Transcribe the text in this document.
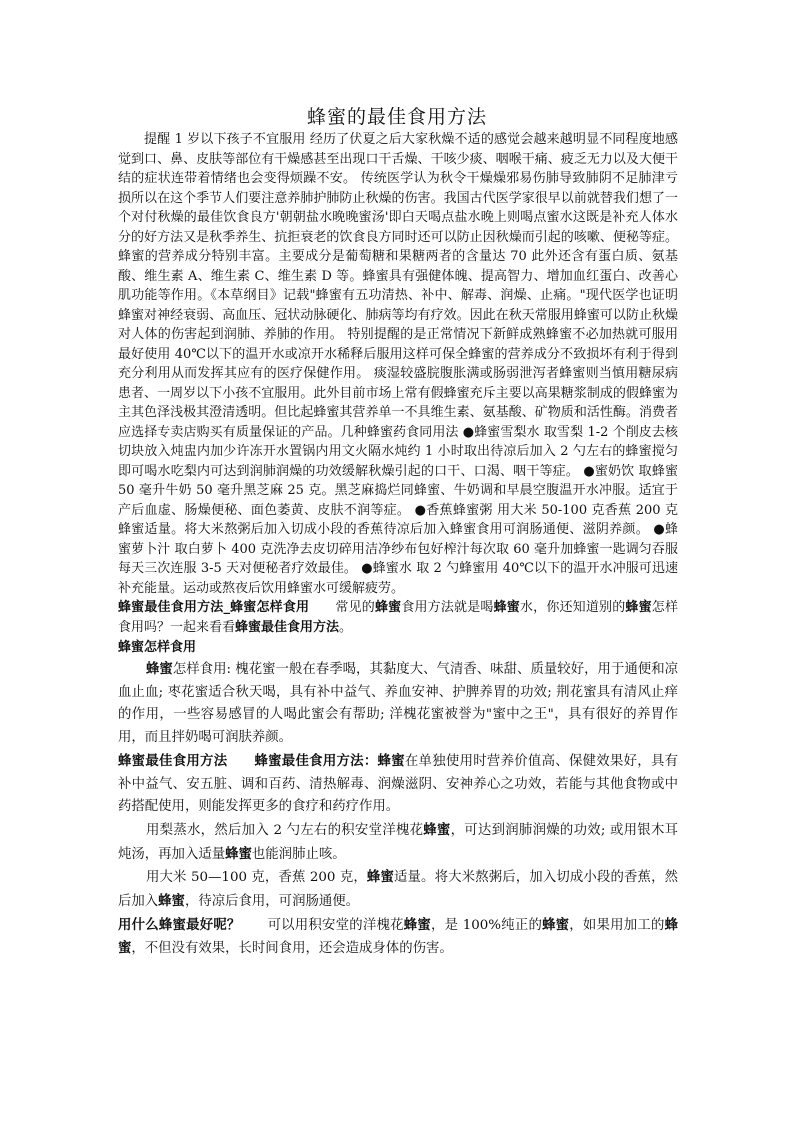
蜂蜜的最佳食用方法

提醒 1 岁以下孩子不宜服用 经历了伏夏之后大家秋燥不适的感觉会越来越明显不同程度地感觉到口、鼻、皮肤等部位有干燥感甚至出现口干舌燥、干咳少痰、咽喉干痛、疲乏无力以及大便干结的症状连带着情绪也会变得烦躁不安。 传统医学认为秋令干燥燥邪易伤肺导致肺阴不足肺津亏损所以在这个季节人们要注意养肺护肺防止秋燥的伤害。我国古代医学家很早以前就替我们想了一个对付秋燥的最佳饮食良方'朝朝盐水晚晚蜜汤'即白天喝点盐水晚上则喝点蜜水这既是补充人体水分的好方法又是秋季养生、抗拒衰老的饮食良方同时还可以防止因秋燥而引起的咳嗽、便秘等症。 蜂蜜的营养成分特别丰富。主要成分是葡萄糖和果糖两者的含量达 70 此外还含有蛋白质、氨基酸、维生素 A、维生素 C、维生素 D 等。蜂蜜具有强健体魄、提高智力、增加血红蛋白、改善心肌功能等作用。《本草纲目》记载"蜂蜜有五功清热、补中、解毒、润燥、止痛。"现代医学也证明蜂蜜对神经衰弱、高血压、冠状动脉硬化、肺病等均有疗效。因此在秋天常服用蜂蜜可以防止秋燥对人体的伤害起到润肺、养肺的作用。 特别提醒的是正常情况下新鲜成熟蜂蜜不必加热就可服用最好使用 40℃以下的温开水或凉开水稀释后服用这样可保全蜂蜜的营养成分不致损坏有利于得到充分利用从而发挥其应有的医疗保健作用。 痰湿较盛脘腹胀满或肠弱泄泻者蜂蜜则当慎用糖尿病患者、一周岁以下小孩不宜服用。此外目前市场上常有假蜂蜜充斥主要以高果糖浆制成的假蜂蜜为主其色泽浅极其澄清透明。但比起蜂蜜其营养单一不具维生素、氨基酸、矿物质和活性酶。消费者应选择专卖店购买有质量保证的产品。几种蜂蜜药食同用法 ●蜂蜜雪梨水 取雪梨 1-2 个削皮去核切块放入炖盅内加少许冻开水置锅内用文火隔水炖约 1 小时取出待凉后加入 2 勺左右的蜂蜜搅匀即可喝水吃梨内可达到润肺润燥的功效缓解秋燥引起的口干、口渴、咽干等症。 ●蜜奶饮 取蜂蜜 50 毫升牛奶 50 毫升黑芝麻 25 克。黑芝麻捣烂同蜂蜜、牛奶调和早晨空腹温开水冲服。适宜于产后血虚、肠燥便秘、面色萎黄、皮肤不润等症。 ●香蕉蜂蜜粥 用大米 50-100 克香蕉 200 克蜂蜜适量。将大米熬粥后加入切成小段的香蕉待凉后加入蜂蜜食用可润肠通便、滋阴养颜。 ●蜂蜜萝卜汁 取白萝卜 400 克洗净去皮切碎用洁净纱布包好榨汁每次取 60 毫升加蜂蜜一匙调匀吞服每天三次连服 3-5 天对便秘者疗效最佳。 ●蜂蜜水 取 2 勺蜂蜜用 40℃以下的温开水冲服可迅速补充能量。运动或熬夜后饮用蜂蜜水可缓解疲劳。

蜂蜜最佳食用方法_蜂蜜怎样食用   常见的蜂蜜食用方法就是喝蜂蜜水，你还知道别的蜂蜜怎样食用吗？一起来看看蜂蜜最佳食用方法。

蜂蜜怎样食用

蜂蜜怎样食用: 槐花蜜一般在春季喝，其黏度大、气清香、味甜、质量较好，用于通便和凉血止血; 枣花蜜适合秋天喝，具有补中益气、养血安神、护脾养胃的功效; 荆花蜜具有清风止痒的作用，一些容易感冒的人喝此蜜会有帮助; 洋槐花蜜被誉为"蜜中之王"，具有很好的养胃作用，而且拌奶喝可润肤养颜。

蜂蜜最佳食用方法   蜂蜜最佳食用方法：蜂蜜在单独使用时营养价值高、保健效果好，具有补中益气、安五脏、调和百药、清热解毒、润燥滋阴、安神养心之功效，若能与其他食物或中药搭配使用，则能发挥更多的食疗和药疗作用。

用梨蒸水，然后加入 2 勺左右的积安堂洋槐花蜂蜜，可达到润肺润燥的功效; 或用银木耳炖汤，再加入适量蜂蜜也能润肺止咳。

用大米 50—100 克，香蕉 200 克，蜂蜜适量。将大米熬粥后，加入切成小段的香蕉，然后加入蜂蜜，待凉后食用，可润肠通便。

用什么蜂蜜最好呢？   可以用积安堂的洋槐花蜂蜜，是 100%纯正的蜂蜜，如果用加工的蜂蜜，不但没有效果，长时间食用，还会造成身体的伤害。
